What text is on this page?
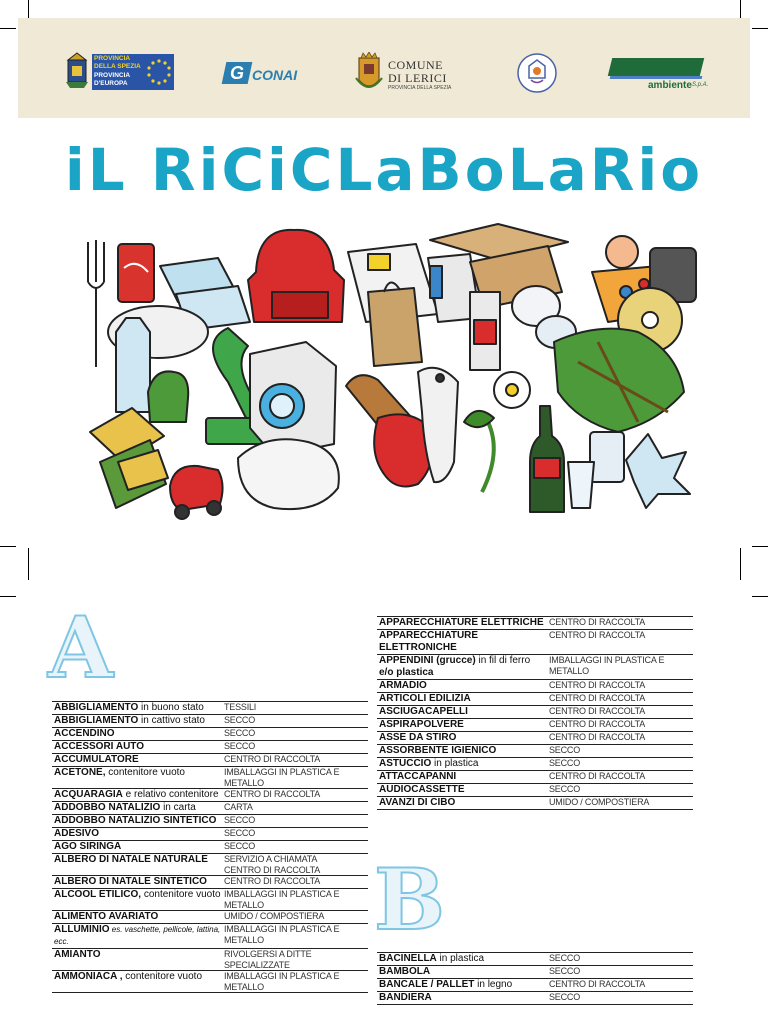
PROVINCIA
DELLA SPEZIA
PROVINCIA
D'EUROPA
G CONAI
COMUNE
DI LERICI
PROVINCIA DELLA SPEZIA	ambiente S.p.A.
iL RiCiCLaBoLaRio
A
ABBIGLIAMENTO in buono stato	TESSILI
ABBIGLIAMENTO in cattivo stato	SECCO
ACCENDINO	SECCO
ACCESSORI AUTO	SECCO
ACCUMULATORE	CENTRO DI RACCOLTA
ACETONE, contenitore vuoto	IMBALLAGGI IN PLASTICA E METALLO
ACQUARAGIA e relativo contenitore	CENTRO DI RACCOLTA
ADDOBBO NATALIZIO in carta	CARTA
ADDOBBO NATALIZIO SINTETICO	SECCO
ADESIVO	SECCO
AGO SIRINGA	SECCO
ALBERO DI NATALE NATURALE	SERVIZIO A CHIAMATA
CENTRO DI RACCOLTA
ALBERO DI NATALE SINTETICO	CENTRO DI RACCOLTA
ALCOOL ETILICO, contenitore vuoto	IMBALLAGGI IN PLASTICA E METALLO
ALIMENTO AVARIATO	UMIDO / COMPOSTIERA
ALLUMINIO es. vaschette, pellicole, lattina, ecc.	IMBALLAGGI IN PLASTICA E METALLO
AMIANTO	RIVOLGERSI A DITTE SPECIALIZZATE
AMMONIACA , contenitore vuoto	IMBALLAGGI IN PLASTICA E METALLO
APPARECCHIATURE ELETTRICHE	CENTRO DI RACCOLTA
APPARECCHIATURE ELETTRONICHE	CENTRO DI RACCOLTA
APPENDINI (grucce) in fil di ferro
e/o plastica	IMBALLAGGI IN PLASTICA E METALLO
ARMADIO	CENTRO DI RACCOLTA
ARTICOLI EDILIZIA	CENTRO DI RACCOLTA
ASCIUGACAPELLI	CENTRO DI RACCOLTA
ASPIRAPOLVERE	CENTRO DI RACCOLTA
ASSE DA STIRO	CENTRO DI RACCOLTA
ASSORBENTE IGIENICO	SECCO
ASTUCCIO in plastica	SECCO
ATTACCAPANNI	CENTRO DI RACCOLTA
AUDIOCASSETTE	SECCO
AVANZI DI CIBO	UMIDO / COMPOSTIERA
B
BACINELLA in plastica	SECCO
BAMBOLA	SECCO
BANCALE / PALLET in legno	CENTRO DI RACCOLTA
BANDIERA	SECCO
